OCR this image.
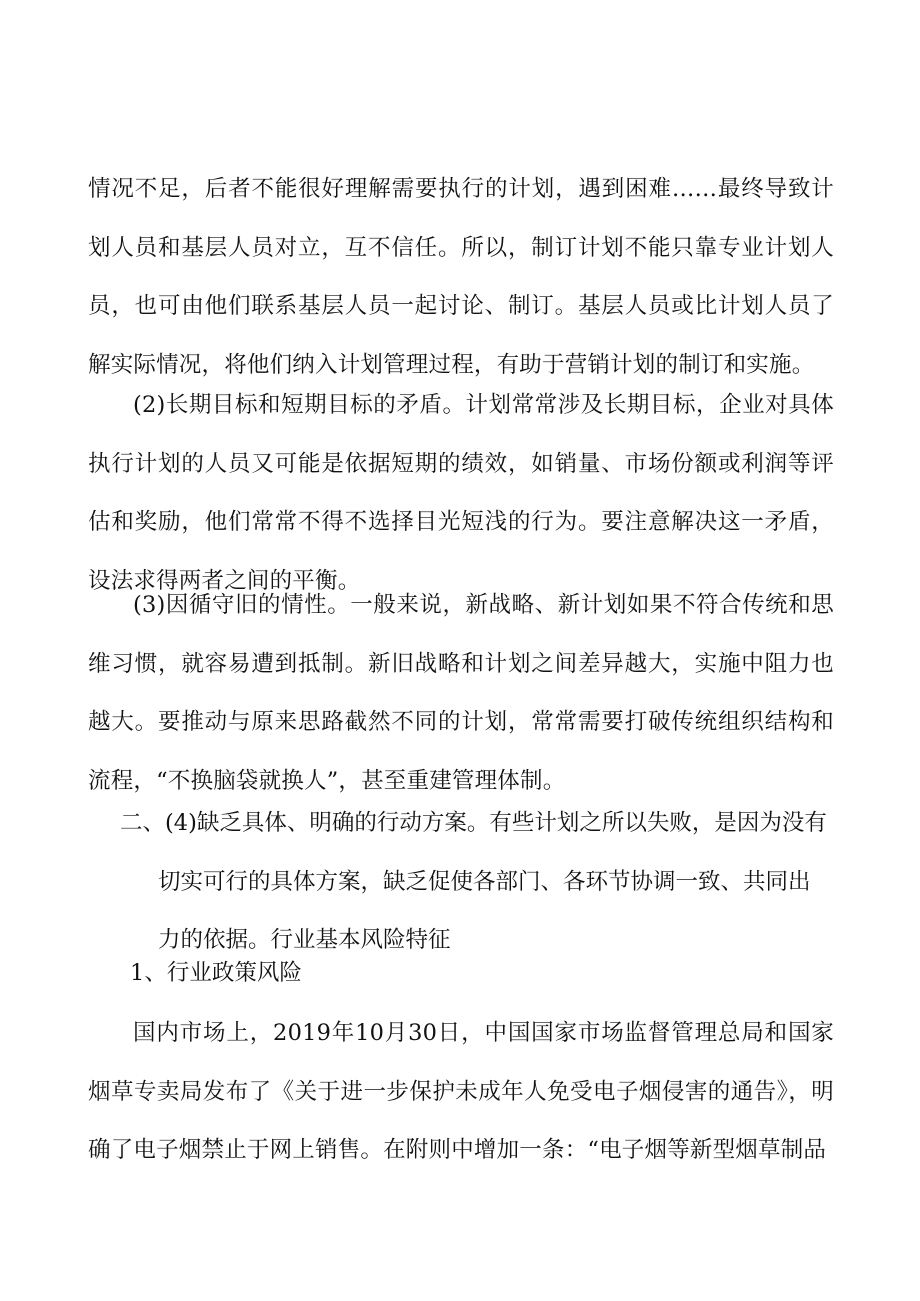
情况不足，后者不能很好理解需要执行的计划，遇到困难……最终导致计划人员和基层人员对立，互不信任。所以，制订计划不能只靠专业计划人员，也可由他们联系基层人员一起讨论、制订。基层人员或比计划人员了解实际情况，将他们纳入计划管理过程，有助于营销计划的制订和实施。

(2)长期目标和短期目标的矛盾。计划常常涉及长期目标，企业对具体执行计划的人员又可能是依据短期的绩效，如销量、市场份额或利润等评估和奖励，他们常常不得不选择目光短浅的行为。要注意解决这一矛盾，设法求得两者之间的平衡。

(3)因循守旧的情性。一般来说，新战略、新计划如果不符合传统和思维习惯，就容易遭到抵制。新旧战略和计划之间差异越大，实施中阻力也越大。要推动与原来思路截然不同的计划，常常需要打破传统组织结构和流程，“不换脑袋就换人”，甚至重建管理体制。

二、(4)缺乏具体、明确的行动方案。有些计划之所以失败，是因为没有
切实可行的具体方案，缺乏促使各部门、各环节协调一致、共同出
力的依据。行业基本风险特征

1、行业政策风险

国内市场上，2019年10月30日，中国国家市场监督管理总局和国家烟草专卖局发布了《关于进一步保护未成年人免受电子烟侵害的通告》，明确了电子烟禁止于网上销售。在附则中增加一条：“电子烟等新型烟草制品
